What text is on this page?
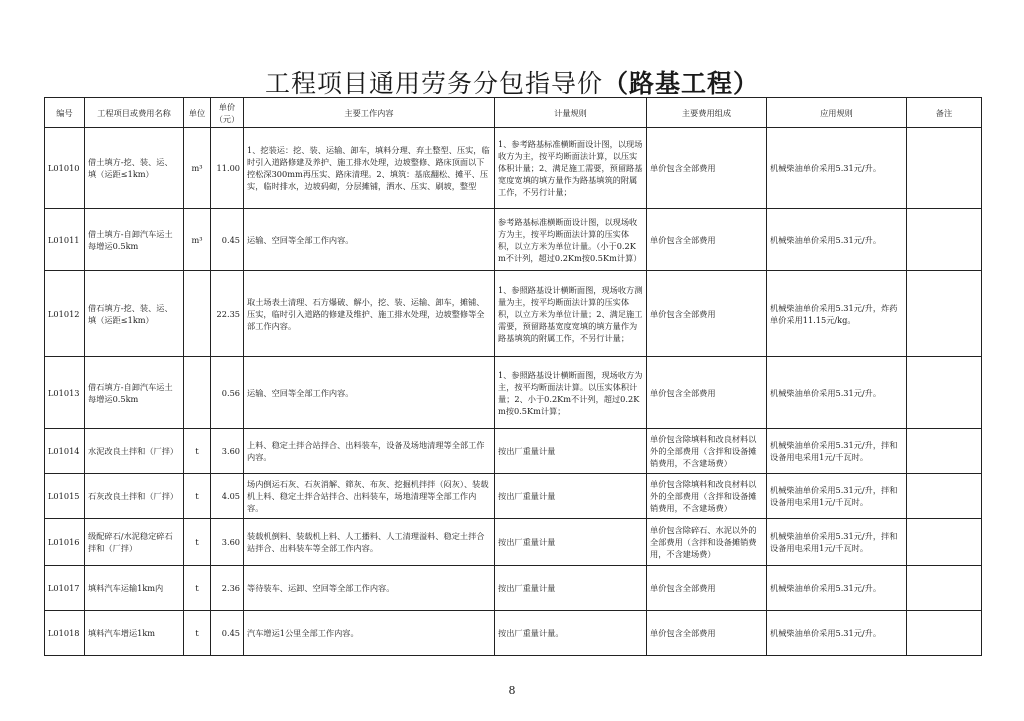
工程项目通用劳务分包指导价（路基工程）
编号	工程项目或费用名称	单位	单价（元）	主要工作内容	计量规则	主要费用组成	应用规则	备注
L01010	借土填方-挖、装、运、填（运距≤1km）	m³	11.00	1、挖装运：挖、装、运输、卸车，填料分理、弃土整型、压实，临时引入道路修建及养护、施工排水处理，边坡整修、路床顶面以下控松深300mm再压实、路床清理。2、填筑：基底翻松、摊平、压实，临时排水，边坡码砌，分层摊铺，洒水、压实、刷坡，整型	1、参考路基标准横断面设计图，以现场收方为主，按平均断面法计算，以压实体积计量；2、满足施工需要，预留路基宽度宽填的填方量作为路基填筑的附属工作，不另行计量；	单价包含全部费用	机械柴油单价采用5.31元/升。	
L01011	借土填方-自卸汽车运土 每增运0.5km	m³	0.45	运输、空回等全部工作内容。	参考路基标准横断面设计图，以现场收方为主，按平均断面法计算的压实体积，以立方米为单位计量。（小于0.2Km不计列，超过0.2Km按0.5Km计算）	单价包含全部费用	机械柴油单价采用5.31元/升。	
L01012	借石填方-挖、装、运、填（运距≤1km）		22.35	取土场表土清理、石方爆破、解小，挖、装、运输、卸车，摊铺、压实，临时引入道路的修建及维护、施工排水处理，边坡整修等全部工作内容。	1、参照路基设计横断面图，现场收方测量为主，按平均断面法计算的压实体积，以立方米为单位计量；2、满足施工需要，预留路基宽度宽填的填方量作为路基填筑的附属工作，不另行计量；	单价包含全部费用	机械柴油单价采用5.31元/升，炸药单价采用11.15元/kg。	
L01013	借石填方-自卸汽车运土 每增运0.5km		0.56	运输、空回等全部工作内容。	1、参照路基设计横断面图，现场收方为主，按平均断面法计算。以压实体积计量；2、小于0.2Km不计列，超过0.2Km按0.5Km计算；	单价包含全部费用	机械柴油单价采用5.31元/升。	
L01014	水泥改良土拌和（厂拌）	t	3.60	上料、稳定土拌合站拌合、出料装车，设备及场地清理等全部工作内容。	按出厂重量计量	单价包含除填料和改良材料以外的全部费用（含拌和设备摊销费用，不含建场费）	机械柴油单价采用5.31元/升，拌和设备用电采用1元/千瓦时。	
L01015	石灰改良土拌和（厂拌）	t	4.05	场内倒运石灰、石灰消解、筛灰、布灰、挖掘机拌拌（闷灰）、装载机上料、稳定土拌合站拌合、出料装车，场地清理等全部工作内容。	按出厂重量计量	单价包含除填料和改良材料以外的全部费用（含拌和设备摊销费用，不含建场费）	机械柴油单价采用5.31元/升，拌和设备用电采用1元/千瓦时。	
L01016	级配碎石/水泥稳定碎石拌和（厂拌）	t	3.60	装载机倒料、装载机上料、人工播料、人工清理溢料、稳定土拌合站拌合、出料装车等全部工作内容。	按出厂重量计量	单价包含除碎石、水泥以外的全部费用（含拌和设备摊销费用，不含建场费）	机械柴油单价采用5.31元/升，拌和设备用电采用1元/千瓦时。	
L01017	填料汽车运输1km内	t	2.36	等待装车、运卸、空回等全部工作内容。	按出厂重量计量	单价包含全部费用	机械柴油单价采用5.31元/升。	
L01018	填料汽车增运1km	t	0.45	汽车增运1公里全部工作内容。	按出厂重量计量。	单价包含全部费用	机械柴油单价采用5.31元/升。	
8
